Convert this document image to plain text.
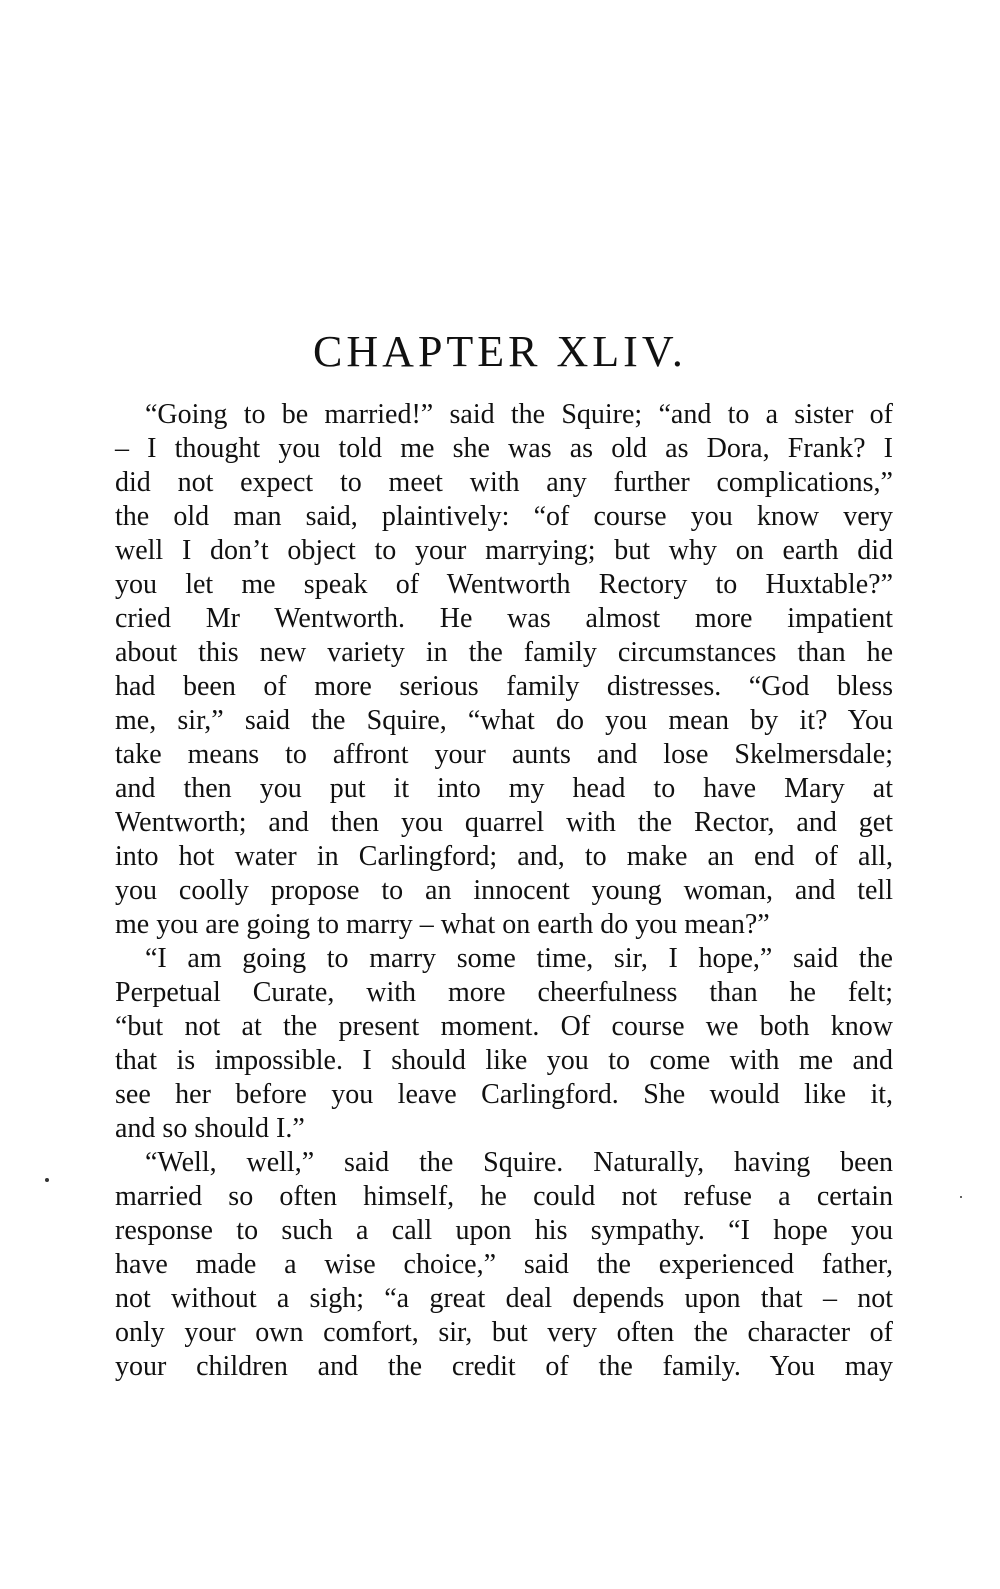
CHAPTER XLIV.
“Going to be married!” said the Squire; “and to a sister of
– I thought you told me she was as old as Dora, Frank? I
did not expect to meet with any further complications,”
the old man said, plaintively: “of course you know very
well I don’t object to your marrying; but why on earth did
you let me speak of Wentworth Rectory to Huxtable?”
cried Mr Wentworth. He was almost more impatient
about this new variety in the family circumstances than he
had been of more serious family distresses. “God bless
me, sir,” said the Squire, “what do you mean by it? You
take means to affront your aunts and lose Skelmersdale;
and then you put it into my head to have Mary at
Wentworth; and then you quarrel with the Rector, and get
into hot water in Carlingford; and, to make an end of all,
you coolly propose to an innocent young woman, and tell
me you are going to marry – what on earth do you mean?”
“I am going to marry some time, sir, I hope,” said the
Perpetual Curate, with more cheerfulness than he felt;
“but not at the present moment. Of course we both know
that is impossible. I should like you to come with me and
see her before you leave Carlingford. She would like it,
and so should I.”
“Well, well,” said the Squire. Naturally, having been
married so often himself, he could not refuse a certain
response to such a call upon his sympathy. “I hope you
have made a wise choice,” said the experienced father,
not without a sigh; “a great deal depends upon that – not
only your own comfort, sir, but very often the character of
your children and the credit of the family. You may
